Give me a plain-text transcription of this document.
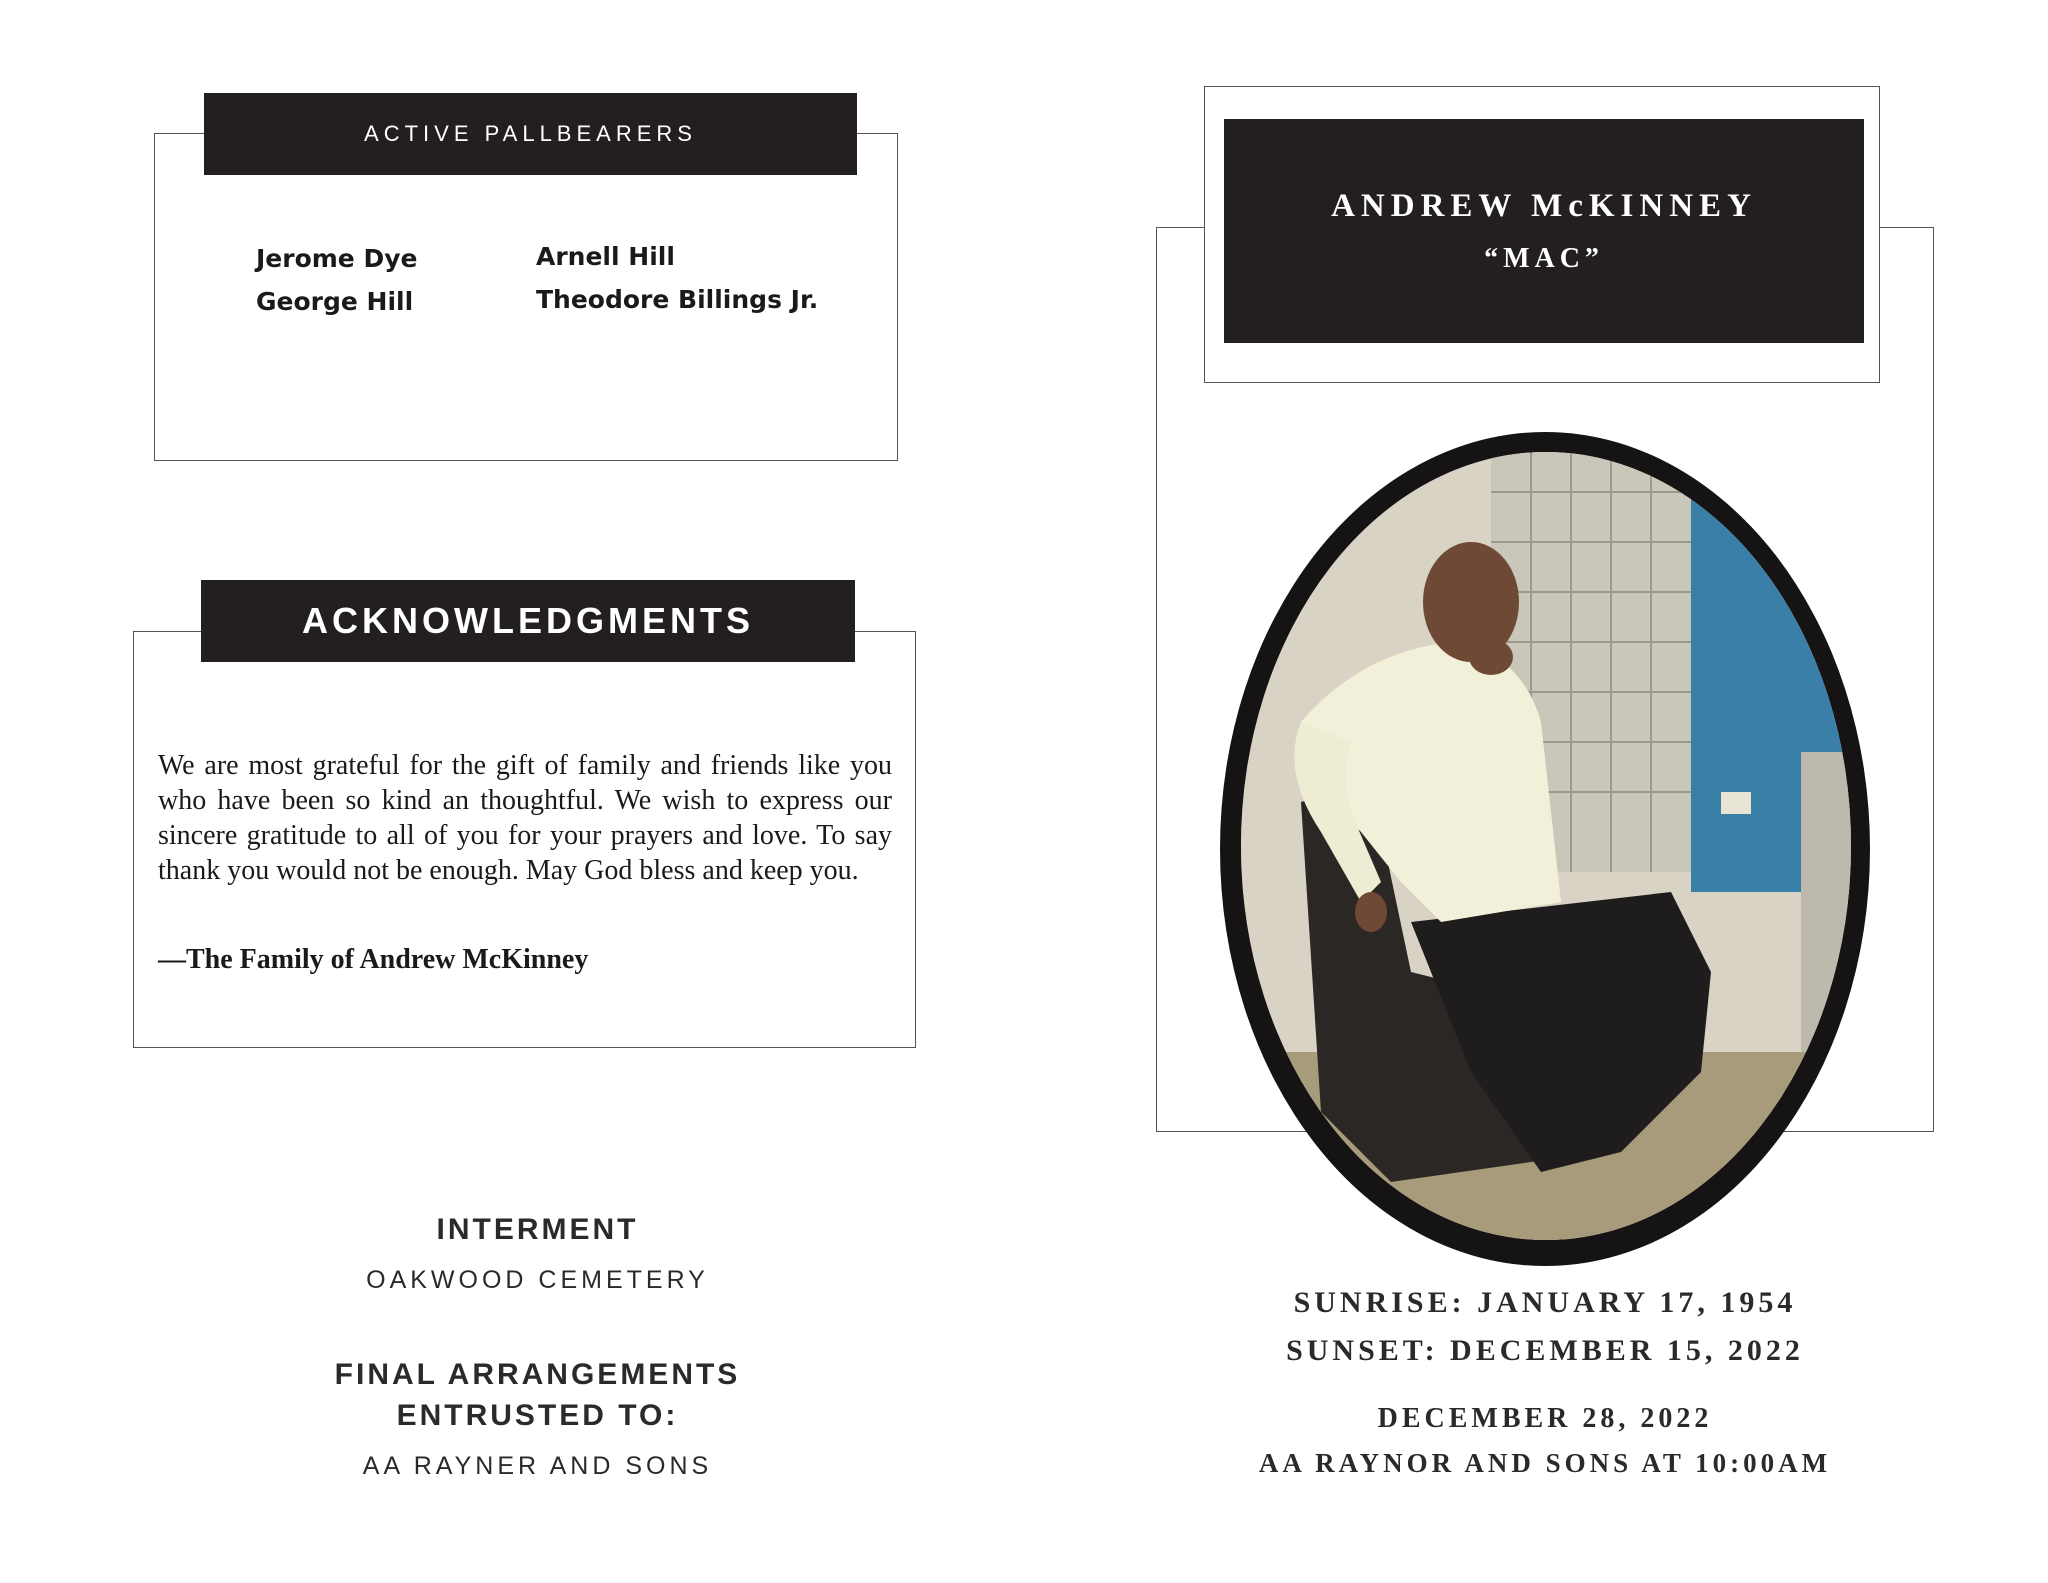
ACTIVE PALLBEARERS
Jerome Dye
George Hill
Arnell Hill
Theodore Billings Jr.
ACKNOWLEDGMENTS
We are most grateful for the gift of family and friends like you who have been so kind an thoughtful. We wish to express our sincere gratitude to all of you for your prayers and love. To say thank you would not be enough. May God bless and keep you.
—The Family of Andrew McKinney
INTERMENT
OAKWOOD CEMETERY
FINAL ARRANGEMENTS
ENTRUSTED TO:
AA RAYNER AND SONS
ANDREW McKINNEY
“MAC”
SUNRISE: JANUARY 17, 1954
SUNSET: DECEMBER 15, 2022
DECEMBER 28, 2022
AA RAYNOR AND SONS AT 10:00AM
